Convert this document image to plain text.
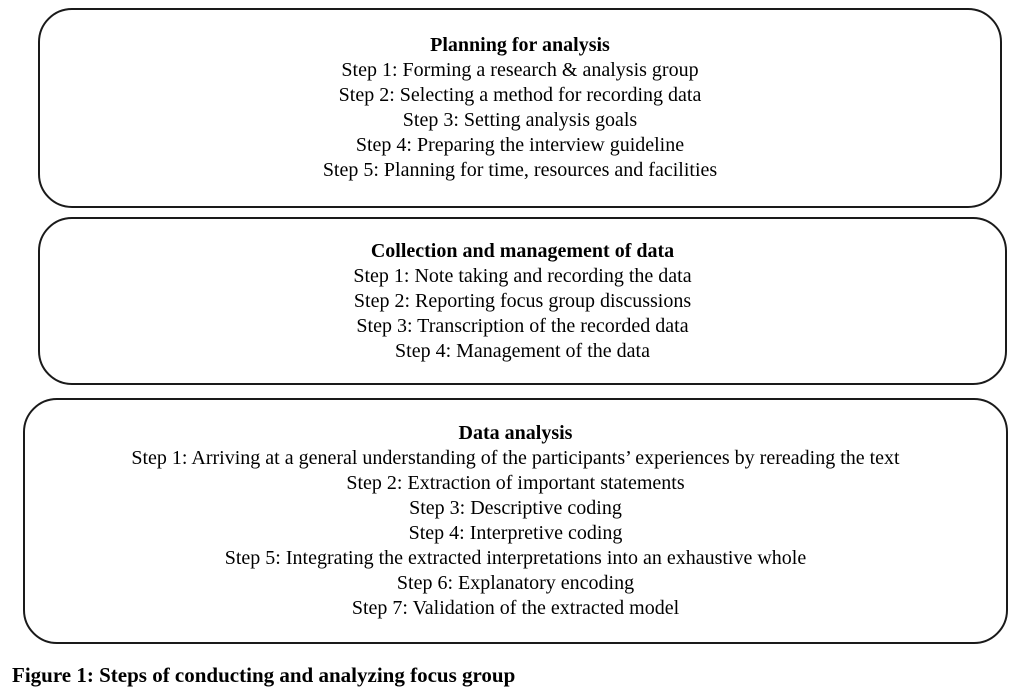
Planning for analysis
Step 1: Forming a research & analysis group
Step 2: Selecting a method for recording data
Step 3: Setting analysis goals
Step 4: Preparing the interview guideline
Step 5: Planning for time, resources and facilities
Collection and management of data
Step 1: Note taking and recording the data
Step 2: Reporting focus group discussions
Step 3: Transcription of the recorded data
Step 4: Management of the data
Data analysis
Step 1: Arriving at a general understanding of the participants’ experiences by rereading the text
Step 2: Extraction of important statements
Step 3: Descriptive coding
Step 4: Interpretive coding
Step 5: Integrating the extracted interpretations into an exhaustive whole
Step 6: Explanatory encoding
Step 7: Validation of the extracted model
Figure 1: Steps of conducting and analyzing focus group
